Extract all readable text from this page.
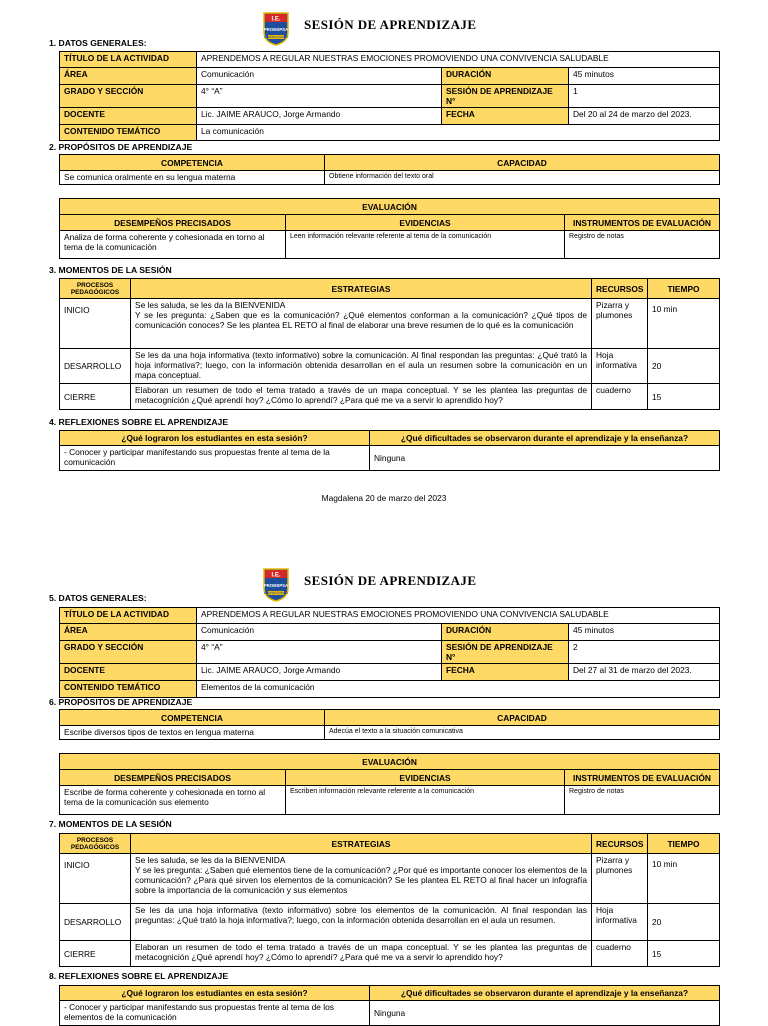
I.E.
PROMSPSA
SIEMPRE CONTIGO
SESIÓN DE APRENDIZAJE
1. DATOS GENERALES:
TÍTULO DE LA ACTIVIDAD	APRENDEMOS A REGULAR NUESTRAS EMOCIONES PROMOVIENDO UNA CONVIVENCIA SALUDABLE		
ÁREA	Comunicación	DURACIÓN	45 minutos
GRADO Y SECCIÓN	4° “A”	SESIÓN DE APRENDIZAJE N°	1
DOCENTE	Lic. JAIME ARAUCO, Jorge Armando	FECHA	Del 20 al 24 de marzo del 2023.
CONTENIDO TEMÁTICO	La comunicación		
2. PROPÓSITOS DE APRENDIZAJE
COMPETENCIA	CAPACIDAD
Se comunica oralmente en su lengua materna	Obtiene información del texto oral
EVALUACIÓN		
DESEMPEÑOS PRECISADOS	EVIDENCIAS	INSTRUMENTOS DE EVALUACIÓN
Analiza de forma coherente y cohesionada en torno al tema de la comunicación	Leen información relevante referente al tema de la comunicación	Registro de notas
3. MOMENTOS DE LA SESIÓN
PROCESOS PEDAGÓGICOS	ESTRATEGIAS	RECURSOS	TIEMPO
INICIO	Se les saluda, se les da la BIENVENIDA
Y se les pregunta: ¿Saben que es la comunicación? ¿Qué elementos conforman a la comunicación? ¿Qué tipos de comunicación conoces? Se les plantea EL RETO al final de elaborar una breve resumen de lo qué es la comunicación	Pizarra y plumones	10 min
DESARROLLO	Se les da una hoja informativa (texto informativo) sobre la comunicación. Al final respondan las preguntas: ¿Qué trató la hoja informativa?; luego, con la información obtenida desarrollan en el aula un resumen sobre la comunicación en un mapa conceptual.	Hoja informativa	20
CIERRE	Elaboran un resumen de todo el tema tratado a través de un mapa conceptual. Y se les plantea las preguntas de metacognición ¿Qué aprendí hoy? ¿Cómo lo aprendí? ¿Para qué me va a servir lo aprendido hoy?	cuaderno	15
4. REFLEXIONES SOBRE EL APRENDIZAJE
¿Qué lograron los estudiantes en esta sesión?	¿Qué dificultades se observaron durante el aprendizaje y la enseñanza?
- Conocer y participar manifestando sus propuestas frente al tema de la comunicación	Ninguna
Magdalena 20 de marzo del 2023
I.E.
PROMSPSA
SIEMPRE CONTIGO
SESIÓN DE APRENDIZAJE
5. DATOS GENERALES:
TÍTULO DE LA ACTIVIDAD	APRENDEMOS A REGULAR NUESTRAS EMOCIONES PROMOVIENDO UNA CONVIVENCIA SALUDABLE		
ÁREA	Comunicación	DURACIÓN	45 minutos
GRADO Y SECCIÓN	4° “A”	SESIÓN DE APRENDIZAJE N°	2
DOCENTE	Lic. JAIME ARAUCO, Jorge Armando	FECHA	Del 27 al 31 de marzo del 2023.
CONTENIDO TEMÁTICO	Elementos de la comunicación		
6. PROPÓSITOS DE APRENDIZAJE
COMPETENCIA	CAPACIDAD
Escribe diversos tipos de textos en lengua materna	Adecúa el texto a la situación comunicativa
EVALUACIÓN		
DESEMPEÑOS PRECISADOS	EVIDENCIAS	INSTRUMENTOS DE EVALUACIÓN
Escribe de forma coherente y cohesionada en torno al tema de la comunicación sus elemento	Escriben información relevante referente a la comunicación	Registro de notas
7. MOMENTOS DE LA SESIÓN
PROCESOS PEDAGÓGICOS	ESTRATEGIAS	RECURSOS	TIEMPO
INICIO	Se les saluda, se les da la BIENVENIDA
Y se les pregunta: ¿Saben qué elementos tiene de la comunicación? ¿Por qué es importante conocer los elementos de la comunicación? ¿Para qué sirven los elementos de la comunicación? Se les plantea EL RETO al final hacer un infografía sobre la importancia de la comunicación y sus elementos	Pizarra y plumones	10 min
DESARROLLO	Se les da una hoja informativa (texto informativo) sobre los elementos de la comunicación. Al final respondan las preguntas: ¿Qué trató la hoja informativa?; luego, con la información obtenida desarrollan en el aula un resumen.	Hoja informativa	20
CIERRE	Elaboran un resumen de todo el tema tratado a través de un mapa conceptual. Y se les plantea las preguntas de metacognición ¿Qué aprendí hoy? ¿Cómo lo aprendí? ¿Para qué me va a servir lo aprendido hoy?	cuaderno	15
8. REFLEXIONES SOBRE EL APRENDIZAJE
¿Qué lograron los estudiantes en esta sesión?	¿Qué dificultades se observaron durante el aprendizaje y la enseñanza?
- Conocer y participar manifestando sus propuestas frente al tema de los elementos de la comunicación	Ninguna
